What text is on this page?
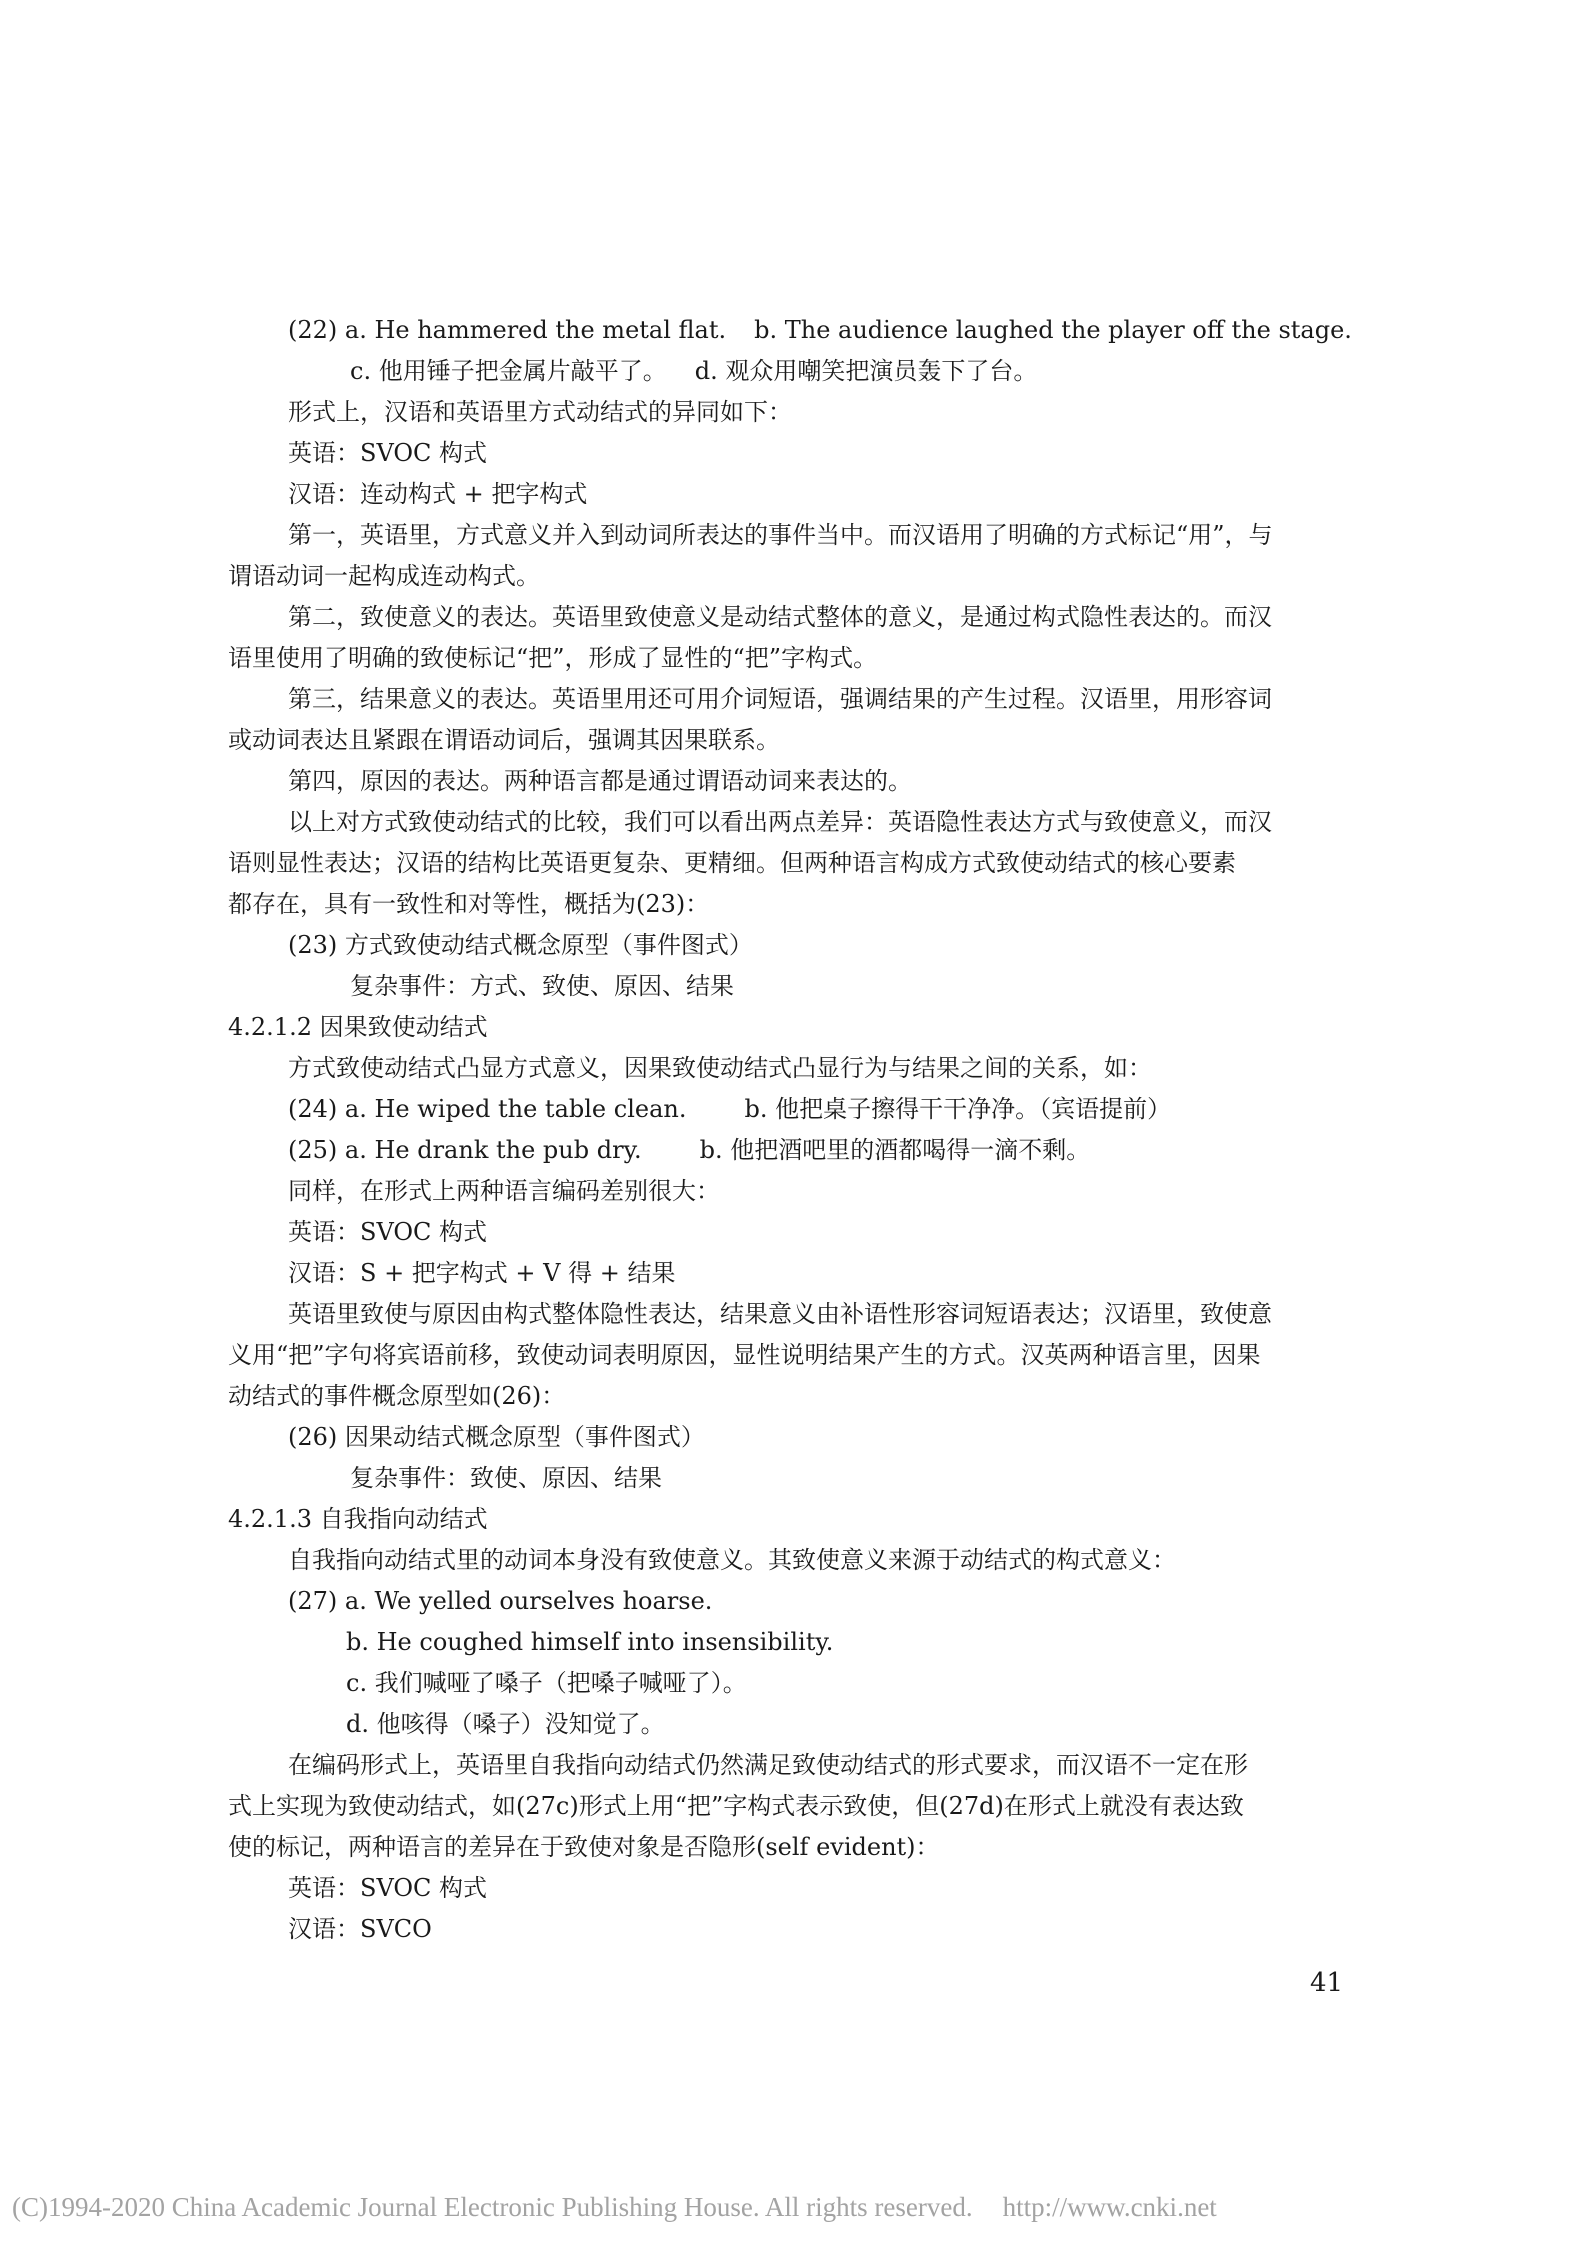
(22) a. He hammered the metal flat. b. The audience laughed the player off the stage.
c. 他用锤子把金属片敲平了。 d. 观众用嘲笑把演员轰下了台。
形式上，汉语和英语里方式动结式的异同如下：
英语：SVOC 构式
汉语：连动构式 + 把字构式
第一，英语里，方式意义并入到动词所表达的事件当中。而汉语用了明确的方式标记“用”，与
谓语动词一起构成连动构式。
第二，致使意义的表达。英语里致使意义是动结式整体的意义，是通过构式隐性表达的。而汉
语里使用了明确的致使标记“把”，形成了显性的“把”字构式。
第三，结果意义的表达。英语里用还可用介词短语，强调结果的产生过程。汉语里，用形容词
或动词表达且紧跟在谓语动词后，强调其因果联系。
第四，原因的表达。两种语言都是通过谓语动词来表达的。
以上对方式致使动结式的比较，我们可以看出两点差异：英语隐性表达方式与致使意义，而汉
语则显性表达；汉语的结构比英语更复杂、更精细。但两种语言构成方式致使动结式的核心要素
都存在，具有一致性和对等性，概括为(23)：
(23) 方式致使动结式概念原型（事件图式）
复杂事件：方式、致使、原因、结果
4.2.1.2 因果致使动结式
方式致使动结式凸显方式意义，因果致使动结式凸显行为与结果之间的关系，如：
(24) a. He wiped the table clean. b. 他把桌子擦得干干净净。（宾语提前）
(25) a. He drank the pub dry. b. 他把酒吧里的酒都喝得一滴不剩。
同样，在形式上两种语言编码差别很大：
英语：SVOC 构式
汉语：S + 把字构式 + V 得 + 结果
英语里致使与原因由构式整体隐性表达，结果意义由补语性形容词短语表达；汉语里，致使意
义用“把”字句将宾语前移，致使动词表明原因，显性说明结果产生的方式。汉英两种语言里，因果
动结式的事件概念原型如(26)：
(26) 因果动结式概念原型（事件图式）
复杂事件：致使、原因、结果
4.2.1.3 自我指向动结式
自我指向动结式里的动词本身没有致使意义。其致使意义来源于动结式的构式意义：
(27) a. We yelled ourselves hoarse.
b. He coughed himself into insensibility.
c. 我们喊哑了嗓子（把嗓子喊哑了）。
d. 他咳得（嗓子）没知觉了。
在编码形式上，英语里自我指向动结式仍然满足致使动结式的形式要求，而汉语不一定在形
式上实现为致使动结式，如(27c)形式上用“把”字构式表示致使，但(27d)在形式上就没有表达致
使的标记，两种语言的差异在于致使对象是否隐形(self evident)：
英语：SVOC 构式
汉语：SVCO
41
(C)1994-2020 China Academic Journal Electronic Publishing House. All rights reserved. http://www.cnki.net
